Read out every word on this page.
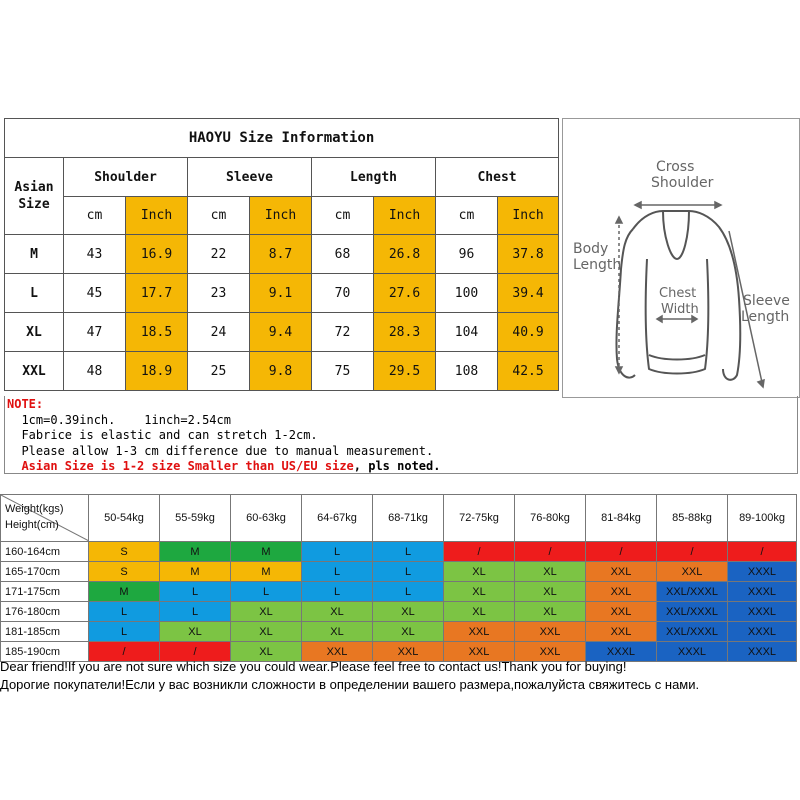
HAOYU Size Information								
Asian Size	Shoulder		Sleeve		Length		Chest	
	cm	Inch	cm	Inch	cm	Inch	cm	Inch
M	43	16.9	22	8.7	68	26.8	96	37.8
L	45	17.7	23	9.1	70	27.6	100	39.4
XL	47	18.5	24	9.4	72	28.3	104	40.9
XXL	48	18.9	25	9.8	75	29.5	108	42.5
Cross
Shoulder
Body
Length
Chest
Width
Sleeve
Length
NOTE:
1cm=0.39inch.    1inch=2.54cm
Fabrice is elastic and can stretch 1-2cm.
Please allow 1-3 cm difference due to manual measurement.
Asian Size is 1-2 size Smaller than US/EU size, pls noted.
Weight(kgs)
Height(cm)	50-54kg	55-59kg	60-63kg	64-67kg	68-71kg	72-75kg	76-80kg	81-84kg	85-88kg	89-100kg
160-164cm	S	M	M	L	L	/	/	/	/	/
165-170cm	S	M	M	L	L	XL	XL	XXL	XXL	XXXL
171-175cm	M	L	L	L	L	XL	XL	XXL	XXL/XXXL	XXXL
176-180cm	L	L	XL	XL	XL	XL	XL	XXL	XXL/XXXL	XXXL
181-185cm	L	XL	XL	XL	XL	XXL	XXL	XXL	XXL/XXXL	XXXL
185-190cm	/	/	XL	XXL	XXL	XXL	XXL	XXXL	XXXL	XXXL
Dear friend!If you are not sure which size you could wear.Please feel free to contact us!Thank you for buying!
Дорогие покупатели!Если у вас возникли сложности в определении вашего размера,пожалуйста свяжитесь с нами.
